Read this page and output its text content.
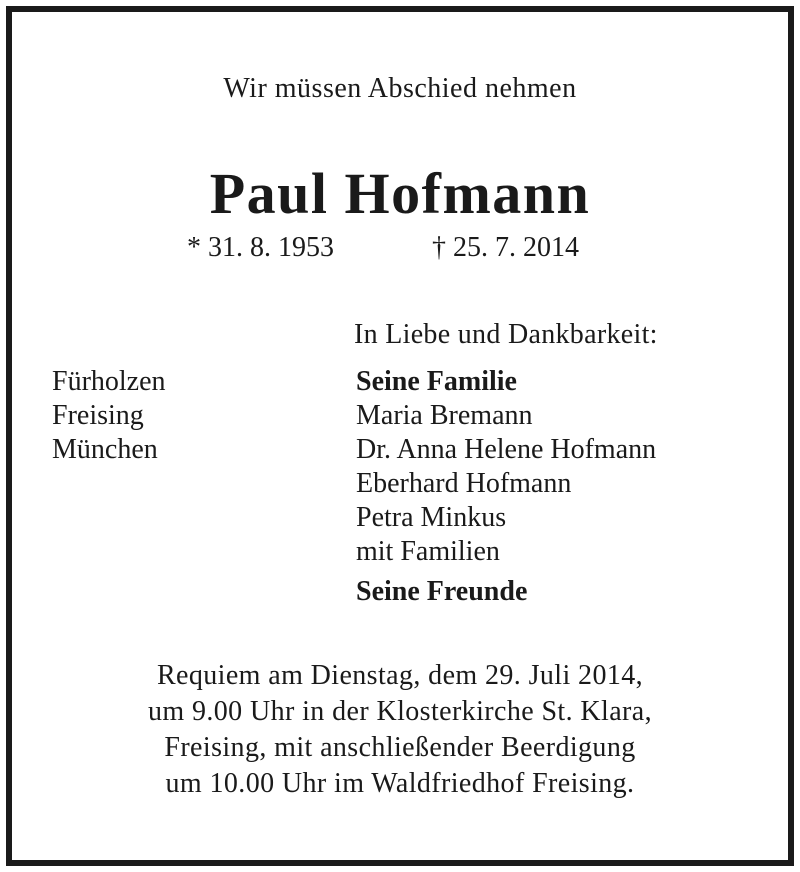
Wir müssen Abschied nehmen
Paul Hofmann
* 31. 8. 1953	† 25. 7. 2014
In Liebe und Dankbarkeit:
Fürholzen
Freising
München
Seine Familie
Maria Bremann
Dr. Anna Helene Hofmann
Eberhard Hofmann
Petra Minkus
mit Familien
Seine Freunde
Requiem am Dienstag, dem 29. Juli 2014,
um 9.00 Uhr in der Klosterkirche St. Klara,
Freising, mit anschließender Beerdigung
um 10.00 Uhr im Waldfriedhof Freising.
